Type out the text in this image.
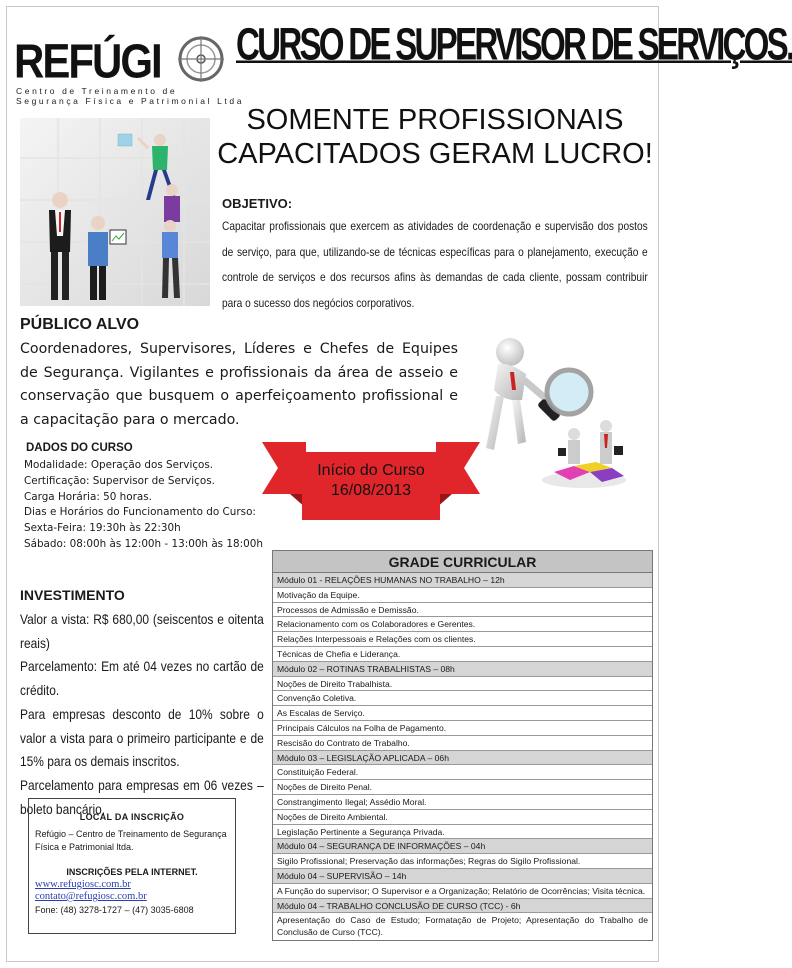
REFÚGI
Centro de Treinamento de
Segurança Física e Patrimonial Ltda
CURSO DE SUPERVISOR DE SERVIÇOS.
SOMENTE PROFISSIONAIS
CAPACITADOS GERAM LUCRO!
OBJETIVO:
Capacitar profissionais que exercem as atividades de coordenação e supervisão dos postos de serviço, para que, utilizando-se de técnicas específicas para o planejamento, execução e controle de serviços e dos recursos afins às demandas de cada cliente, possam contribuir para o sucesso dos negócios corporativos.
PÚBLICO ALVO
Coordenadores, Supervisores, Líderes e Chefes de Equipes de Segurança. Vigilantes e profissionais da área de asseio e conservação que busquem o aperfeiçoamento profissional e a capacitação para o mercado.
DADOS DO CURSO
Modalidade: Operação dos Serviços.
Certificação: Supervisor de Serviços.
Carga Horária: 50 horas.
Dias e Horários do Funcionamento do Curso:
Sexta-Feira: 19:30h às 22:30h
Sábado: 08:00h às 12:00h - 13:00h às 18:00h
Início do Curso
16/08/2013
INVESTIMENTO
Valor a vista: R$ 680,00 (seiscentos e oitenta reais)
Parcelamento: Em até 04 vezes no cartão de crédito.
Para empresas desconto de 10% sobre o valor a vista para o primeiro participante e de 15% para os demais inscritos.
Parcelamento para empresas em 06 vezes – boleto bancário.
LOCAL DA INSCRIÇÃO
Refúgio – Centro de Treinamento de Segurança Física e Patrimonial ltda.
INSCRIÇÕES PELA INTERNET.
www.refugiosc.com.br
contato@refugiosc.com.br
Fone: (48) 3278-1727 – (47) 3035-6808
GRADE CURRICULAR
Módulo 01 - RELAÇÕES HUMANAS NO TRABALHO – 12h
Motivação da Equipe.
Processos de Admissão e Demissão.
Relacionamento com os Colaboradores e Gerentes.
Relações Interpessoais e Relações com os clientes.
Técnicas de Chefia e Liderança.
Módulo 02 – ROTINAS TRABALHISTAS – 08h
Noções de Direito Trabalhista.
Convenção Coletiva.
As Escalas de Serviço.
Principais Cálculos na Folha de Pagamento.
Rescisão do Contrato de Trabalho.
Módulo 03 – LEGISLAÇÃO APLICADA – 06h
Constituição Federal.
Noções de Direito Penal.
Constrangimento Ilegal; Assédio Moral.
Noções de Direito Ambiental.
Legislação Pertinente a Segurança Privada.
Módulo 04 – SEGURANÇA DE INFORMAÇÕES – 04h
Sigilo Profissional; Preservação das informações; Regras do Sigilo Profissional.
Módulo 04 – SUPERVISÃO – 14h
A Função do supervisor; O Supervisor e a Organização; Relatório de Ocorrências; Visita técnica.
Módulo 04 – TRABALHO CONCLUSÃO DE CURSO (TCC) - 6h
Apresentação do Caso de Estudo; Formatação de Projeto; Apresentação do Trabalho de Conclusão de Curso (TCC).
